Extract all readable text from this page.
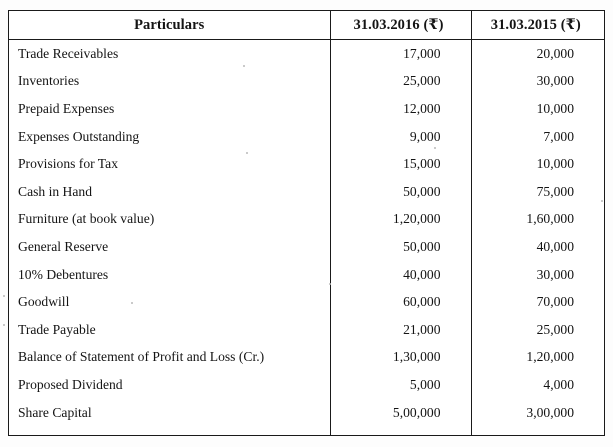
Particulars	31.03.2016 (₹)	31.03.2015 (₹)
Trade Receivables	17,000	20,000
Inventories	25,000	30,000
Prepaid Expenses	12,000	10,000
Expenses Outstanding	9,000	7,000
Provisions for Tax	15,000	10,000
Cash in Hand	50,000	75,000
Furniture (at book value)	1,20,000	1,60,000
General Reserve	50,000	40,000
10% Debentures	40,000	30,000
Goodwill	60,000	70,000
Trade Payable	21,000	25,000
Balance of Statement of Profit and Loss (Cr.)	1,30,000	1,20,000
Proposed Dividend	5,000	4,000
Share Capital	5,00,000	3,00,000
